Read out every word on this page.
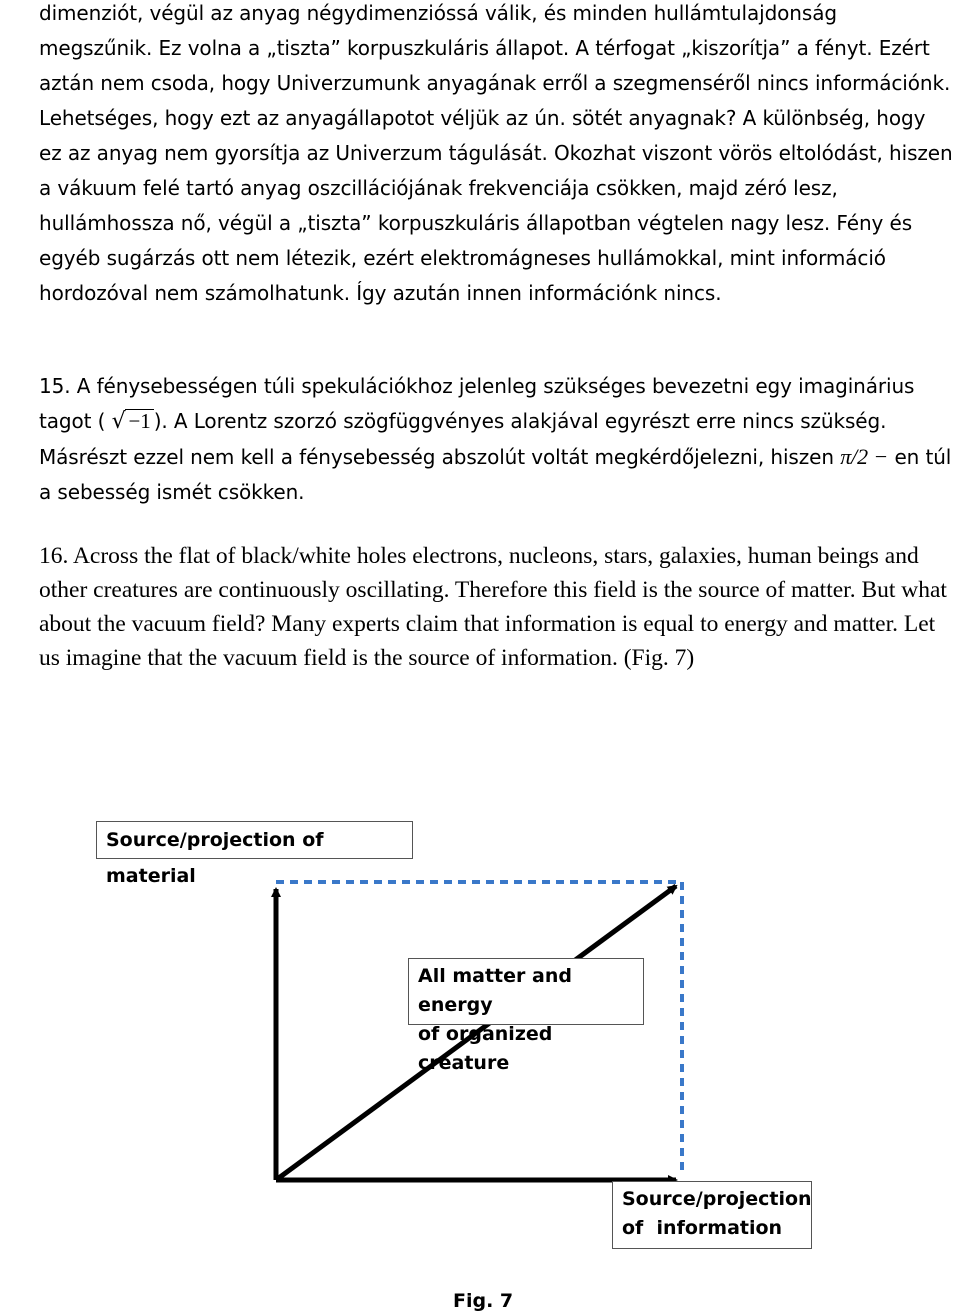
dimenziót, végül az anyag négydimenzióssá válik, és minden hullámtulajdonság megszűnik. Ez volna a „tiszta” korpuszkuláris állapot. A térfogat „kiszorítja” a fényt. Ezért aztán nem csoda, hogy Univerzumunk anyagának erről a szegmenséről nincs információnk. Lehetséges, hogy ezt az anyagállapotot véljük az ún. sötét anyagnak? A különbség, hogy ez az anyag nem gyorsítja az Univerzum tágulását. Okozhat viszont vörös eltolódást, hiszen a vákuum felé tartó anyag oszcillációjának frekvenciája csökken, majd zéró lesz, hullámhossza nő, végül a „tiszta” korpuszkuláris állapotban végtelen nagy lesz. Fény és egyéb sugárzás ott nem létezik, ezért elektromágneses hullámokkal, mint információ hordozóval nem számolhatunk. Így azután innen információnk nincs.

15. A fénysebességen túli spekulációkhoz jelenleg szükséges bevezetni egy imaginárius tagot ( √ −1 ). A Lorentz szorzó szögfüggvényes alakjával egyrészt erre nincs szükség. Másrészt ezzel nem kell a fénysebesség abszolút voltát megkérdőjelezni, hiszen π/2 − en túl a sebesség ismét csökken.

16. Across the flat of black/white holes electrons, nucleons, stars, galaxies, human beings and other creatures are continuously oscillating. Therefore this field is the source of matter. But what about the vacuum field? Many experts claim that information is equal to energy and matter. Let us imagine that the vacuum field is the source of information. (Fig. 7)

Source/projection of material
All matter and energy
of organized creature
Source/projection
of  information
Fig. 7
